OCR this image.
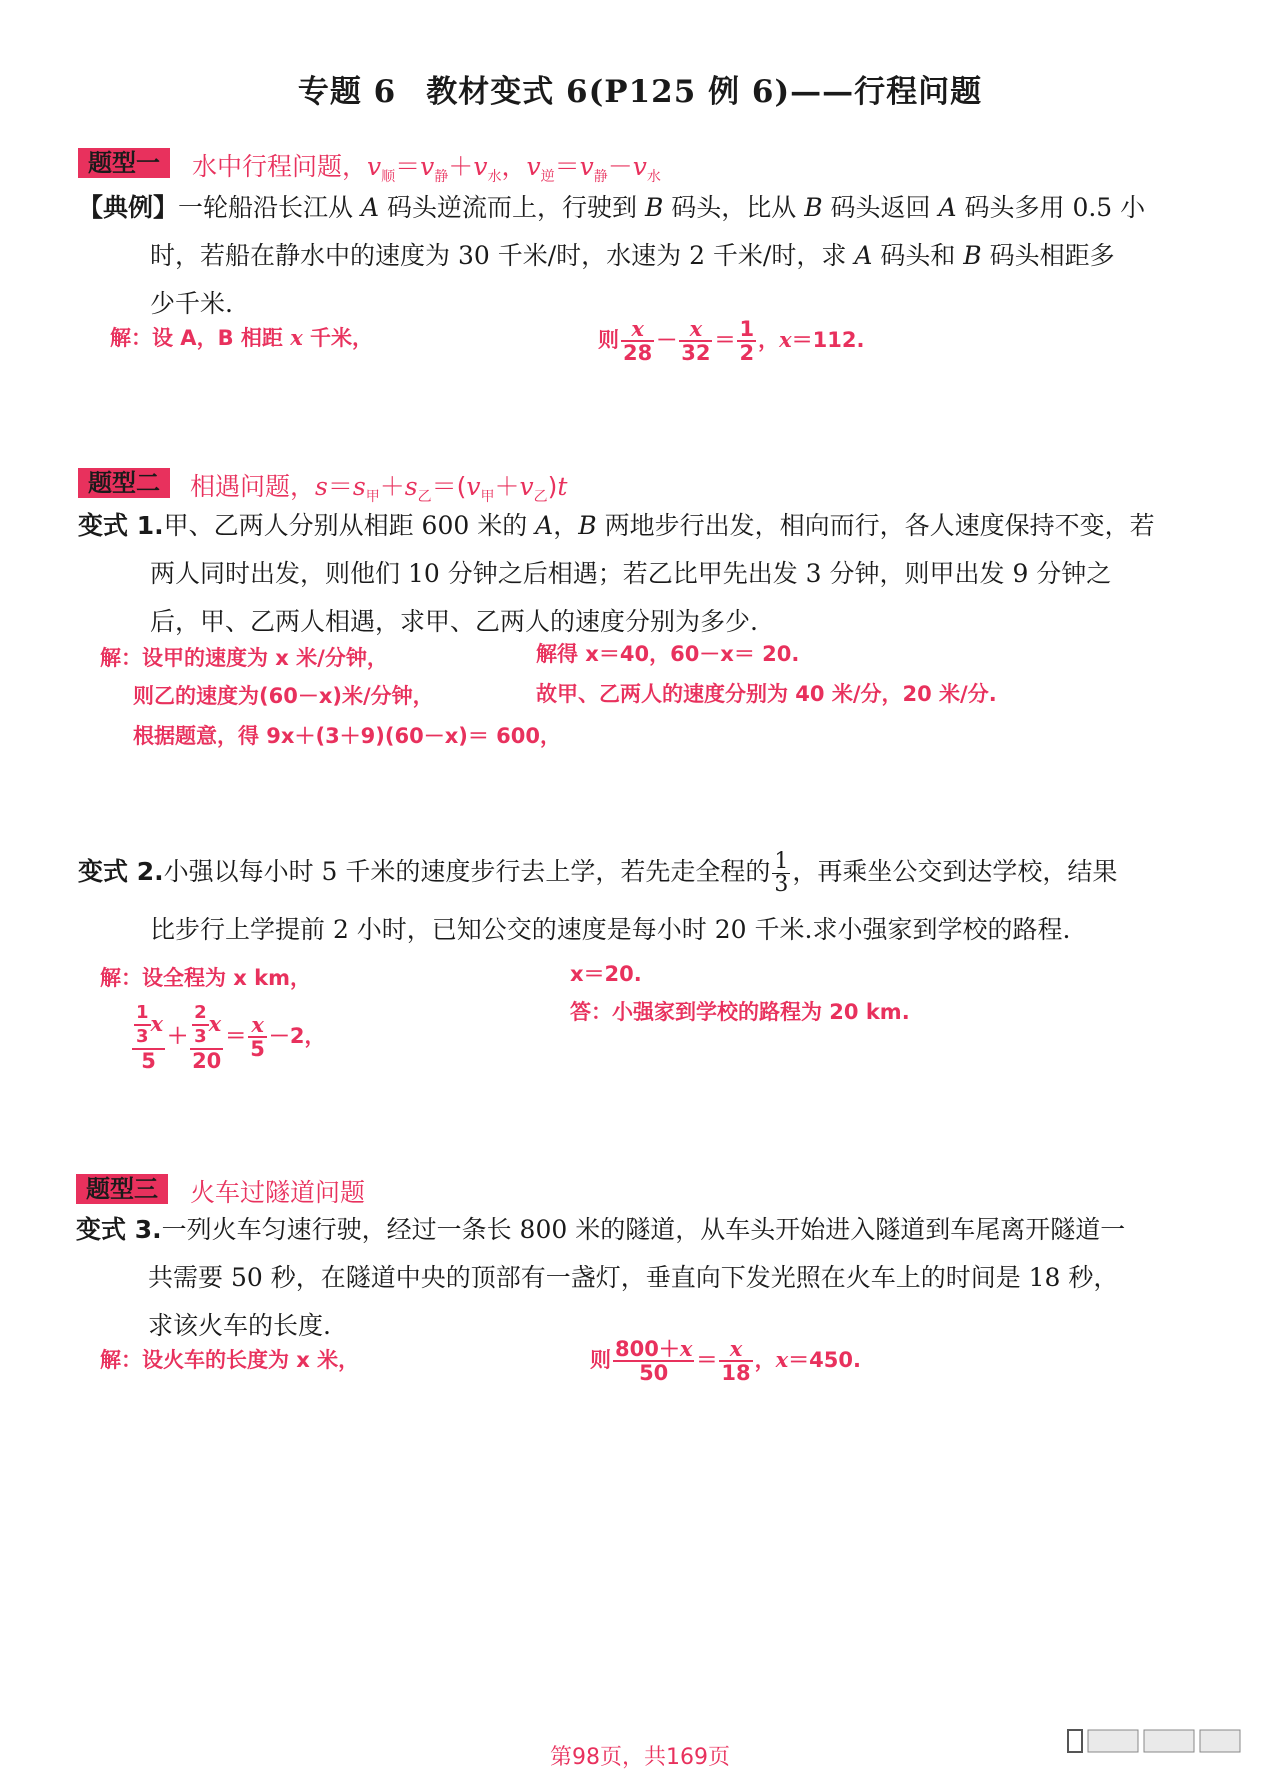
专题 6 教材变式 6(P125 例 6)——行程问题
题型一	水中行程问题，$v_顺=v_静+v_水$，$v_逆=v_静-v_水$
【典例】一轮船沿长江从 A 码头逆流而上，行驶到 B 码头，比从 B 码头返回 A 码头多用 0.5 小
时，若船在静水中的速度为 30 千米/时，水速为 2 千米/时，求 A 码头和 B 码头相距多
少千米.
解：设 A，B 相距 x 千米，	则 $\frac{x}{28} - \frac{x}{32} = \frac{1}{2}$ ，x＝112.
题型二	相遇问题，$s=s_甲+s_乙=(v_甲+v_乙)t$
变式 1.甲、乙两人分别从相距 600 米的 A，B 两地步行出发，相向而行，各人速度保持不变，若
两人同时出发，则他们 10 分钟之后相遇；若乙比甲先出发 3 分钟，则甲出发 9 分钟之
后，甲、乙两人相遇，求甲、乙两人的速度分别为多少.
解：设甲的速度为 x 米/分钟，
则乙的速度为(60－x)米/分钟，
根据题意，得 9x＋(3＋9)(60－x)＝ 600，
解得 x＝40，60－x＝ 20.
故甲、乙两人的速度分别为 40 米/分，20 米/分.
变式 2.小强以每小时 5 千米的速度步行去上学，若先走全程的 $\frac{1}{3}$ ，再乘坐公交到达学校，结果
比步行上学提前 2 小时，已知公交的速度是每小时 20 千米.求小强家到学校的路程.
解：设全程为 x km，
$\frac{\frac{1}{3} x}{5} + \frac{\frac{2}{3} x}{20} = \frac{x}{5} -2$，
x＝20.
答：小强家到学校的路程为 20 km.
题型三	火车过隧道问题
变式 3.一列火车匀速行驶，经过一条长 800 米的隧道，从车头开始进入隧道到车尾离开隧道一
共需要 50 秒，在隧道中央的顶部有一盏灯，垂直向下发光照在火车上的时间是 18 秒，
求该火车的长度.
解：设火车的长度为 x 米，	则 $\frac{800+x}{50} = \frac{x}{18}$ ，x＝450.
第98页，共169页
